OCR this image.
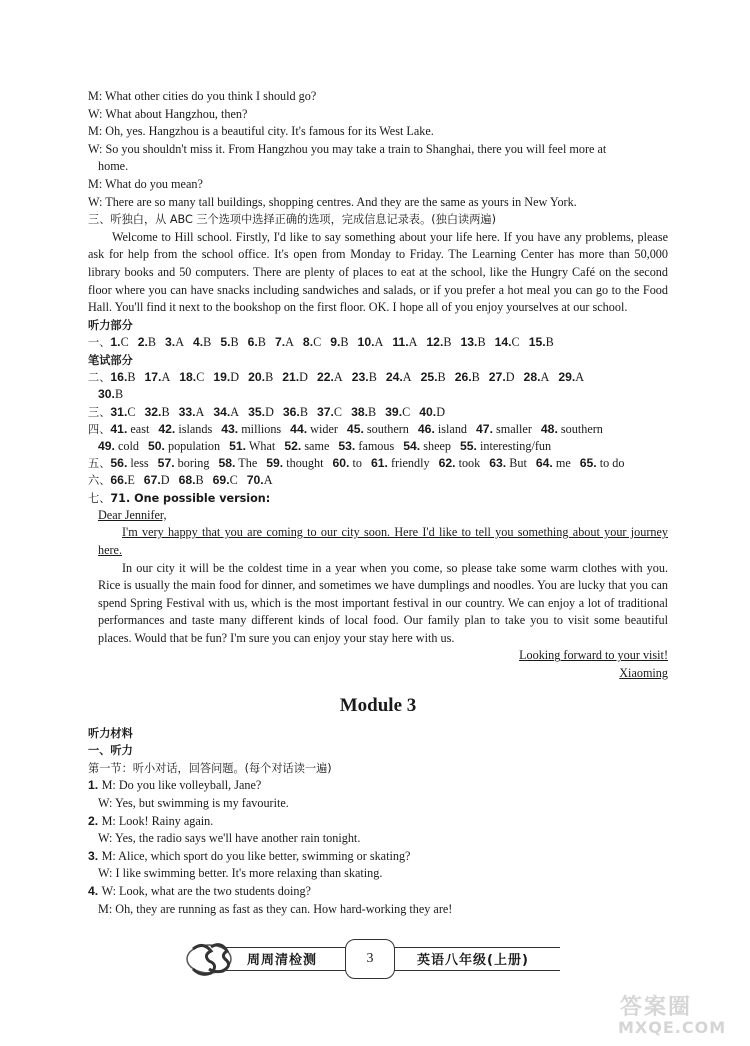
M: What other cities do you think I should go?
W: What about Hangzhou, then?
M: Oh, yes. Hangzhou is a beautiful city. It's famous for its West Lake.
W: So you shouldn't miss it. From Hangzhou you may take a train to Shanghai, there you will feel more at
home.
M: What do you mean?
W: There are so many tall buildings, shopping centres. And they are the same as yours in New York.
三、听独白，从 ABC 三个选项中选择正确的选项，完成信息记录表。(独白读两遍)
Welcome to Hill school. Firstly, I'd like to say something about your life here. If you have any problems, please ask for help from the school office. It's open from Monday to Friday. The Learning Center has more than 50,000 library books and 50 computers. There are plenty of places to eat at the school, like the Hungry Café on the second floor where you can have snacks including sandwiches and salads, or if you prefer a hot meal you can go to the Food Hall. You'll find it next to the bookshop on the first floor. OK. I hope all of you enjoy yourselves at our school.
听力部分
一、1.C 2.B 3.A 4.B 5.B 6.B 7.A 8.C 9.B 10.A 11.A 12.B 13.B 14.C 15.B
笔试部分
二、16.B 17.A 18.C 19.D 20.B 21.D 22.A 23.B 24.A 25.B 26.B 27.D 28.A 29.A
30.B
三、31.C 32.B 33.A 34.A 35.D 36.B 37.C 38.B 39.C 40.D
四、41. east 42. islands 43. millions 44. wider 45. southern 46. island 47. smaller 48. southern
49. cold 50. population 51. What 52. same 53. famous 54. sheep 55. interesting/fun
五、56. less 57. boring 58. The 59. thought 60. to 61. friendly 62. took 63. But 64. me 65. to do
六、66.E 67.D 68.B 69.C 70.A
七、71. One possible version:
Dear Jennifer,
I'm very happy that you are coming to our city soon. Here I'd like to tell you something about your journey here.
In our city it will be the coldest time in a year when you come, so please take some warm clothes with you. Rice is usually the main food for dinner, and sometimes we have dumplings and noodles. You are lucky that you can spend Spring Festival with us, which is the most important festival in our country. We can enjoy a lot of traditional performances and taste many different kinds of local food. Our family plan to take you to visit some beautiful places. Would that be fun? I'm sure you can enjoy your stay here with us.
Looking forward to your visit!
Xiaoming
Module 3
听力材料
一、听力
第一节：听小对话，回答问题。(每个对话读一遍)
1. M: Do you like volleyball, Jane?
W: Yes, but swimming is my favourite.
2. M: Look! Rainy again.
W: Yes, the radio says we'll have another rain tonight.
3. M: Alice, which sport do you like better, swimming or skating?
W: I like swimming better. It's more relaxing than skating.
4. W: Look, what are the two students doing?
M: Oh, they are running as fast as they can. How hard-working they are!
周周清检测	3	英语八年级(上册)
答案圈
MXQE.COM
